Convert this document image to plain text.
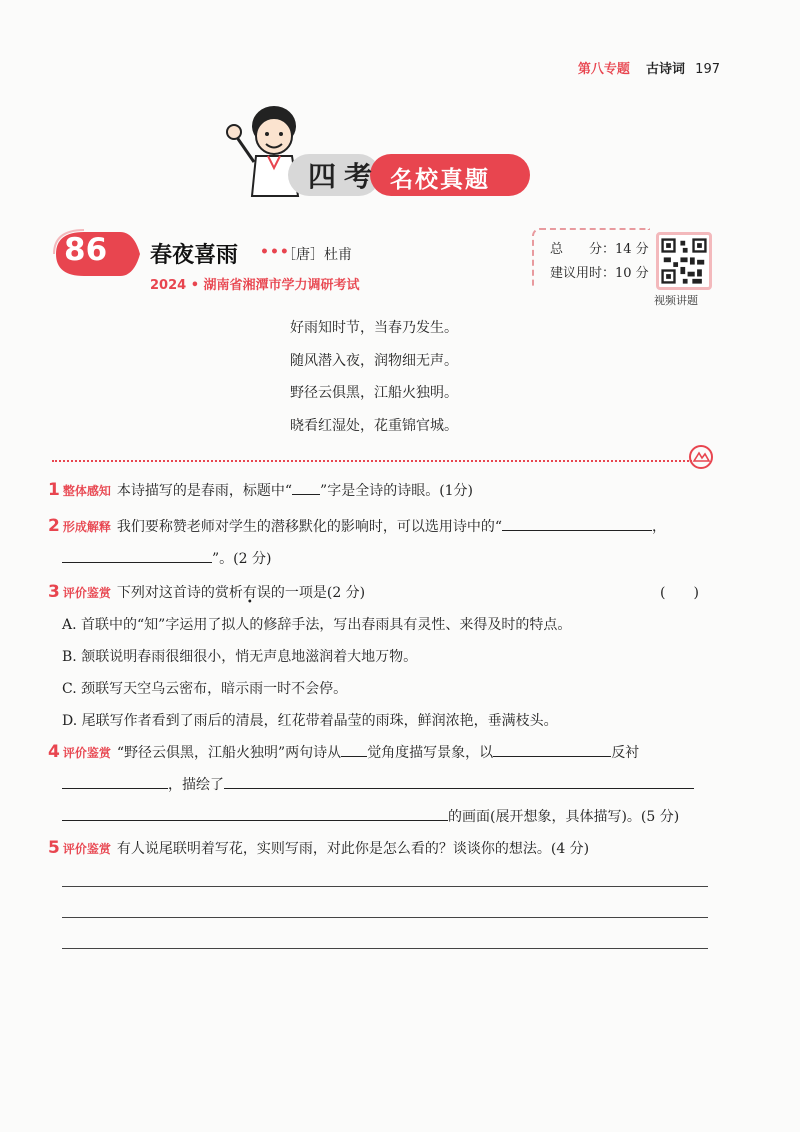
第八专题 古诗词 197
四考 名校真题
86 春夜喜雨 •••
［唐］杜甫
2024 • 湖南省湘潭市学力调研考试
总　　分：14 分
建议用时：10 分
视频讲题
好雨知时节，当春乃发生。
随风潜入夜，润物细无声。
野径云俱黑，江船火独明。
晓看红湿处，花重锦官城。
1 整体感知 本诗描写的是春雨，标题中“ ”字是全诗的诗眼。(1分)
2 形成解释 我们要称赞老师对学生的潜移默化的影响时，可以选用诗中的“	，
”。(2 分)
3 评价鉴赏 下列对这首诗的赏析有误的一项是(2 分)	(　　)
A. 首联中的“知”字运用了拟人的修辞手法，写出春雨具有灵性、来得及时的特点。
B. 颔联说明春雨很细很小，悄无声息地滋润着大地万物。
C. 颈联写天空乌云密布，暗示雨一时不会停。
D. 尾联写作者看到了雨后的清晨，红花带着晶莹的雨珠，鲜润浓艳，垂满枝头。
4 评价鉴赏 “野径云俱黑，江船火独明”两句诗从 觉角度描写景象，以	反衬
，描绘了
的画面(展开想象，具体描写)。(5 分)
5 评价鉴赏 有人说尾联明着写花，实则写雨，对此你是怎么看的？谈谈你的想法。(4 分)
